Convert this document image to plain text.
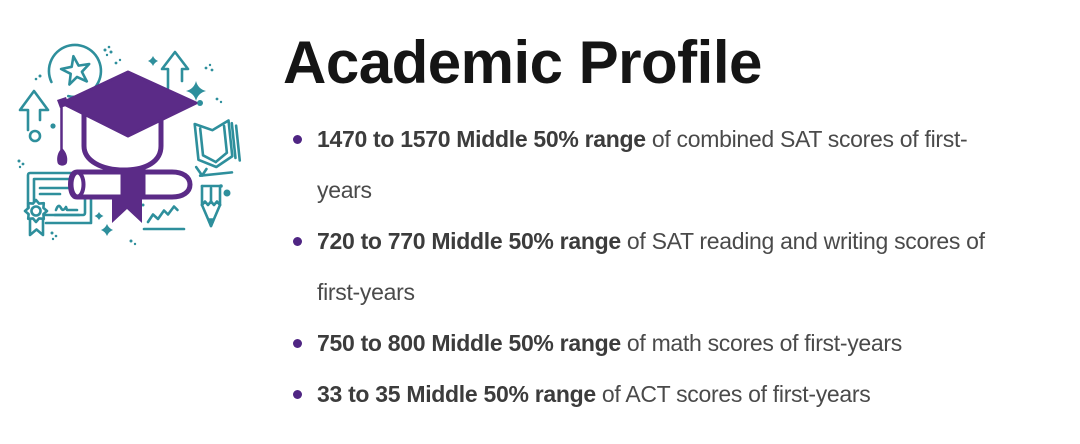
Academic Profile
1470 to 1570 Middle 50% range of combined SAT scores of first-
years
720 to 770 Middle 50% range of SAT reading and writing scores of
first-years
750 to 800 Middle 50% range of math scores of first-years
33 to 35 Middle 50% range of ACT scores of first-years
